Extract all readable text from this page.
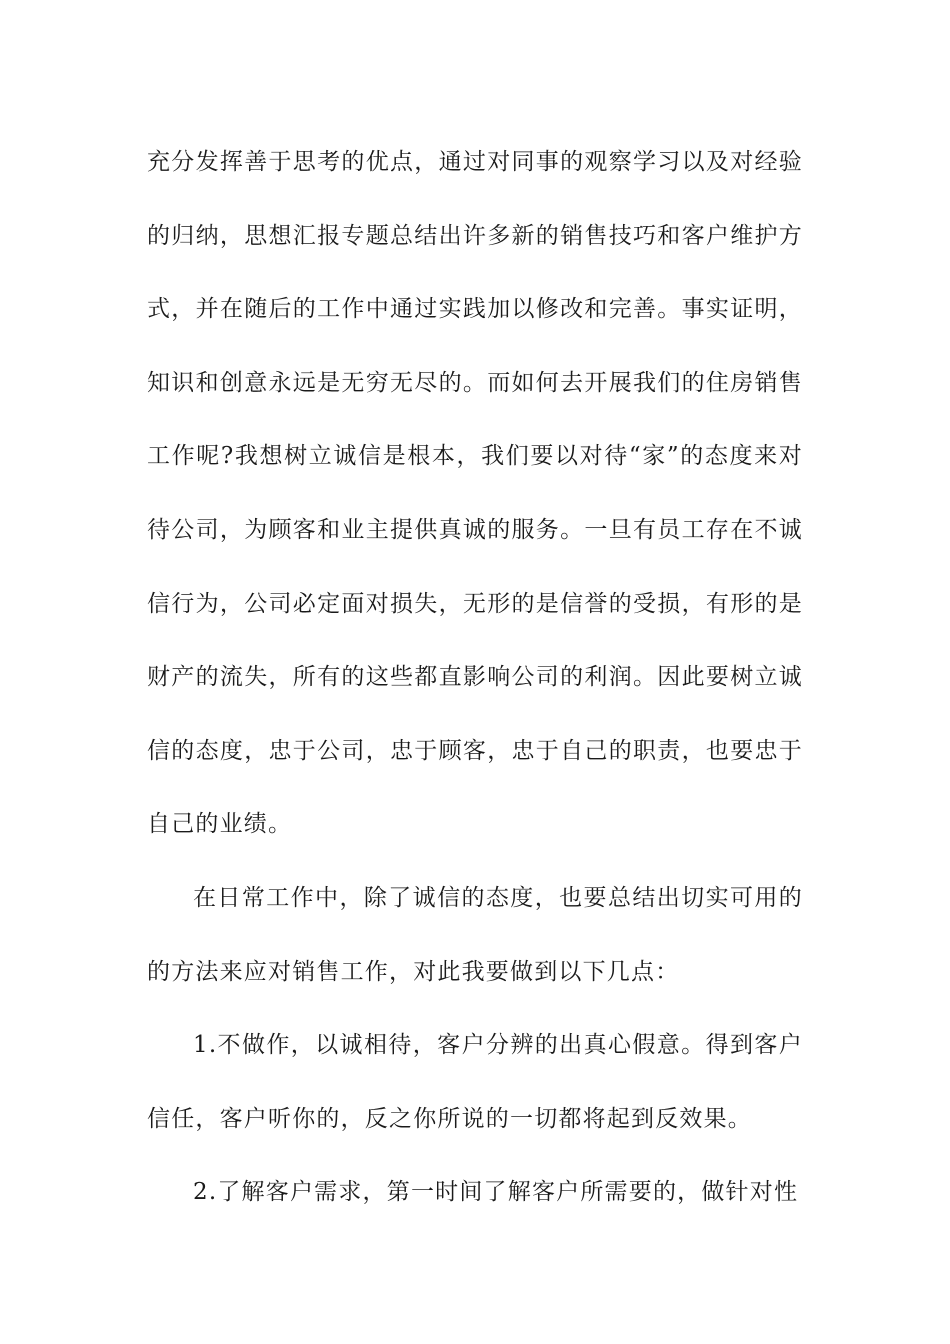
充分发挥善于思考的优点，通过对同事的观察学习以及对经验的归纳，思想汇报专题总结出许多新的销售技巧和客户维护方式，并在随后的工作中通过实践加以修改和完善。事实证明，知识和创意永远是无穷无尽的。而如何去开展我们的住房销售工作呢?我想树立诚信是根本，我们要以对待“家”的态度来对待公司，为顾客和业主提供真诚的服务。一旦有员工存在不诚信行为，公司必定面对损失，无形的是信誉的受损，有形的是财产的流失，所有的这些都直影响公司的利润。因此要树立诚信的态度，忠于公司，忠于顾客，忠于自己的职责，也要忠于自己的业绩。

在日常工作中，除了诚信的态度，也要总结出切实可用的的方法来应对销售工作，对此我要做到以下几点：

1.不做作，以诚相待，客户分辨的出真心假意。得到客户信任，客户听你的，反之你所说的一切都将起到反效果。

2.了解客户需求，第一时间了解客户所需要的，做针对性
